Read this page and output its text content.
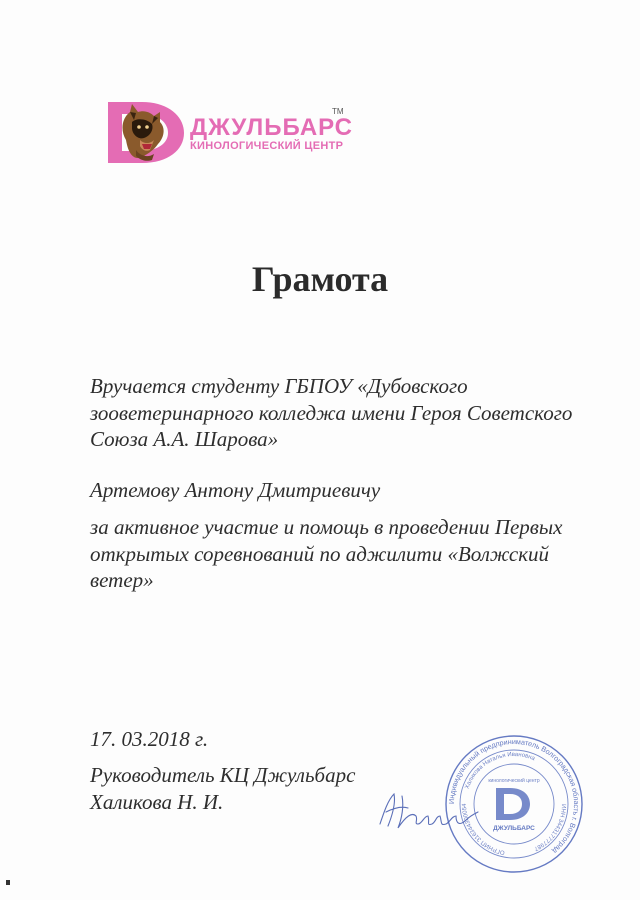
ДЖУЛЬБАРС
TM
КИНОЛОГИЧЕСКИЙ ЦЕНТР
Грамота
Вручается студенту ГБПОУ «Дубовского зооветеринарного колледжа имени Героя Советского Союза А.А. Шарова»
Артемову Антону Дмитриевичу
за активное участие и помощь в проведении Первых открытых соревнований по аджилити «Волжский ветер»
17. 03.2018 г.
Руководитель КЦ Джульбарс
Халикова Н. И.	Индивидуальный предприниматель Волгоградская область г. Волгоград
Халикова Наталья Ивановна
ИНН 344317777987
ОГРНИП 316344300054
ДЖУЛЬБАРС
кинологический центр
